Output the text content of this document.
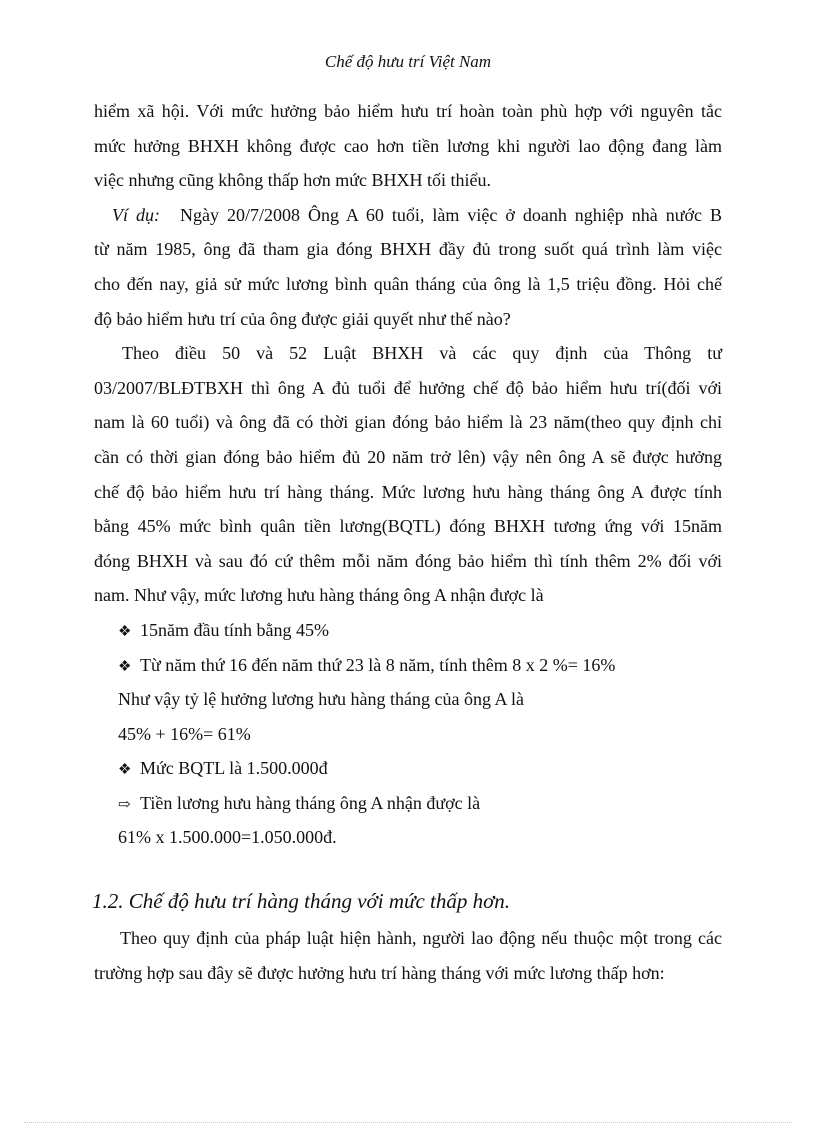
Chế độ hưu trí Việt Nam
hiểm xã hội. Với mức hưởng bảo hiểm hưu trí hoàn toàn phù hợp với nguyên tắc
mức hưởng BHXH không được cao hơn tiền lương khi người lao động đang làm
việc nhưng cũng không thấp hơn mức BHXH tối thiểu.
Ví dụ: Ngày 20/7/2008 Ông A 60 tuổi, làm việc ở doanh nghiệp nhà nước B
từ năm 1985, ông đã tham gia đóng BHXH đầy đủ trong suốt quá trình làm việc
cho đến nay, giả sử mức lương bình quân tháng của ông là 1,5 triệu đồng. Hỏi chế
độ bảo hiểm hưu trí của ông được giải quyết như thế nào?
Theo điều 50 và 52 Luật BHXH và các quy định của Thông tư
03/2007/BLĐTBXH thì ông A đủ tuổi để hưởng chế độ bảo hiểm hưu trí(đối với
nam là 60 tuổi) và ông đã có thời gian đóng bảo hiểm là 23 năm(theo quy định chỉ
cần có thời gian đóng bảo hiểm đủ 20 năm trở lên) vậy nên ông A sẽ được hưởng
chế độ bảo hiểm hưu trí hàng tháng. Mức lương hưu hàng tháng ông A được tính
bằng 45% mức bình quân tiền lương(BQTL) đóng BHXH tương ứng với 15năm
đóng BHXH và sau đó cứ thêm mỗi năm đóng bảo hiểm thì tính thêm 2% đối với
nam. Như vậy, mức lương hưu hàng tháng ông A nhận được là
❖ 15năm đầu tính bằng 45%
❖ Từ năm thứ 16 đến năm thứ 23 là 8 năm, tính thêm 8 x 2 %= 16%
Như vậy tỷ lệ hưởng lương hưu hàng tháng của ông A là
45% + 16%= 61%
❖ Mức BQTL là 1.500.000đ
⇨ Tiền lương hưu hàng tháng ông A nhận được là
61% x 1.500.000=1.050.000đ.
1.2. Chế độ hưu trí hàng tháng với mức thấp hơn.
Theo quy định của pháp luật hiện hành, người lao động nếu thuộc một trong các
trường hợp sau đây sẽ được hưởng hưu trí hàng tháng với mức lương thấp hơn:
